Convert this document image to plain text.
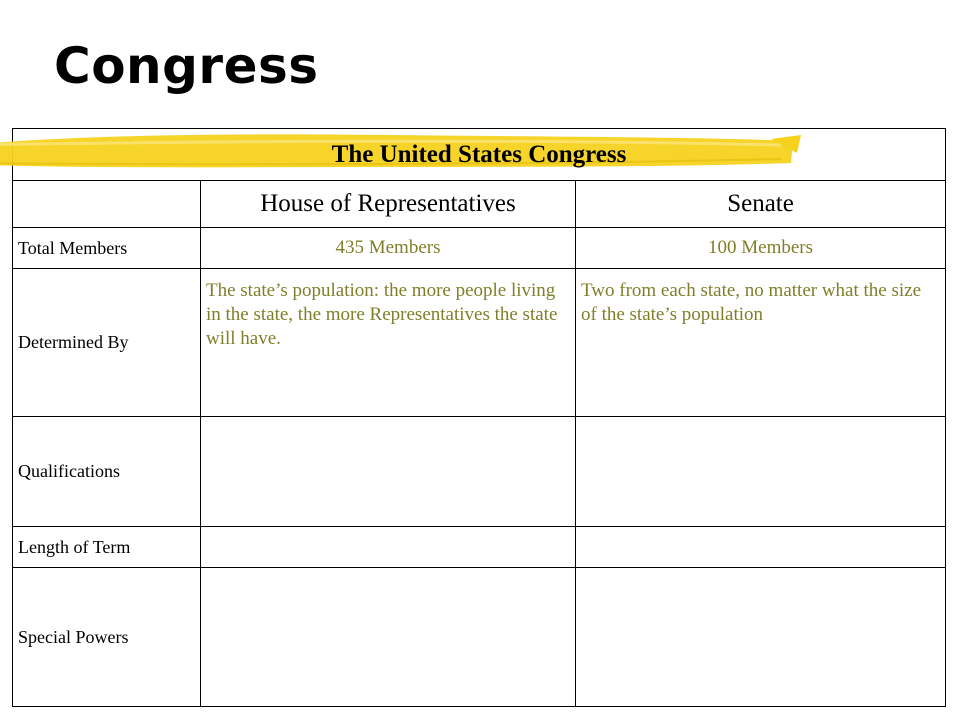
Congress
The United States Congress		
	House of Representatives	Senate
Total Members	435 Members	100 Members
Determined By	The state’s population: the more people living in the state, the more Representatives the state will have.	Two from each state, no matter what the size of the state’s population
Qualifications		
Length of Term		
Special Powers		
